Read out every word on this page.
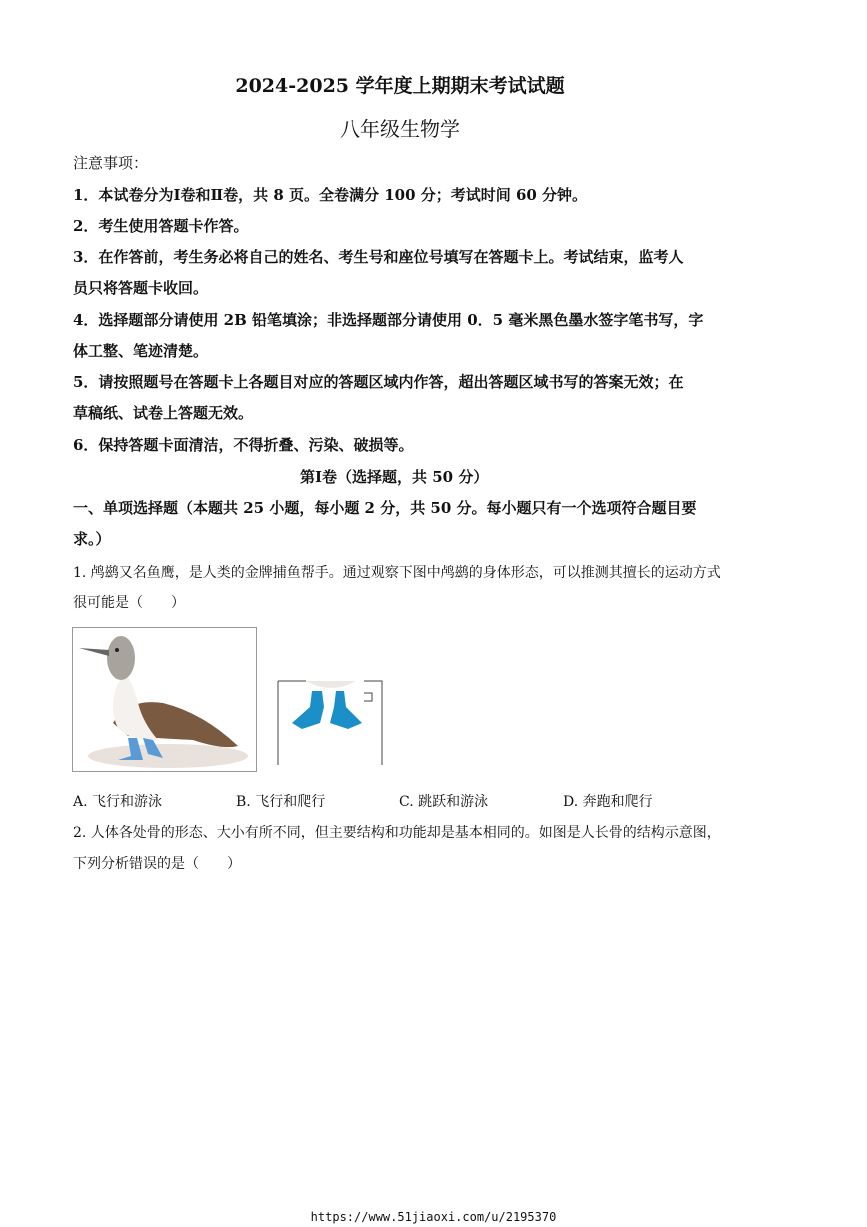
2024-2025 学年度上期期末考试试题
八年级生物学
注意事项：
1．本试卷分为Ⅰ卷和Ⅱ卷，共 8 页。全卷满分 100 分；考试时间 60 分钟。
2．考生使用答题卡作答。
3．在作答前，考生务必将自己的姓名、考生号和座位号填写在答题卡上。考试结束，监考人
员只将答题卡收回。
4．选择题部分请使用 2B 铅笔填涂；非选择题部分请使用 0．5 毫米黑色墨水签字笔书写，字
体工整、笔迹清楚。
5．请按照题号在答题卡上各题目对应的答题区域内作答，超出答题区域书写的答案无效；在
草稿纸、试卷上答题无效。
6．保持答题卡面清洁，不得折叠、污染、破损等。
第Ⅰ卷（选择题，共 50 分）
一、单项选择题（本题共 25 小题，每小题 2 分，共 50 分。每小题只有一个选项符合题目要
求。）
1. 鸬鹚又名鱼鹰，是人类的金牌捕鱼帮手。通过观察下图中鸬鹚的身体形态，可以推测其擅长的运动方式
很可能是（　　）
A. 飞行和游泳	B. 飞行和爬行	C. 跳跃和游泳	D. 奔跑和爬行
2. 人体各处骨的形态、大小有所不同，但主要结构和功能却是基本相同的。如图是人长骨的结构示意图，
下列分析错误的是（　　）
https://www.51jiaoxi.com/u/2195370
